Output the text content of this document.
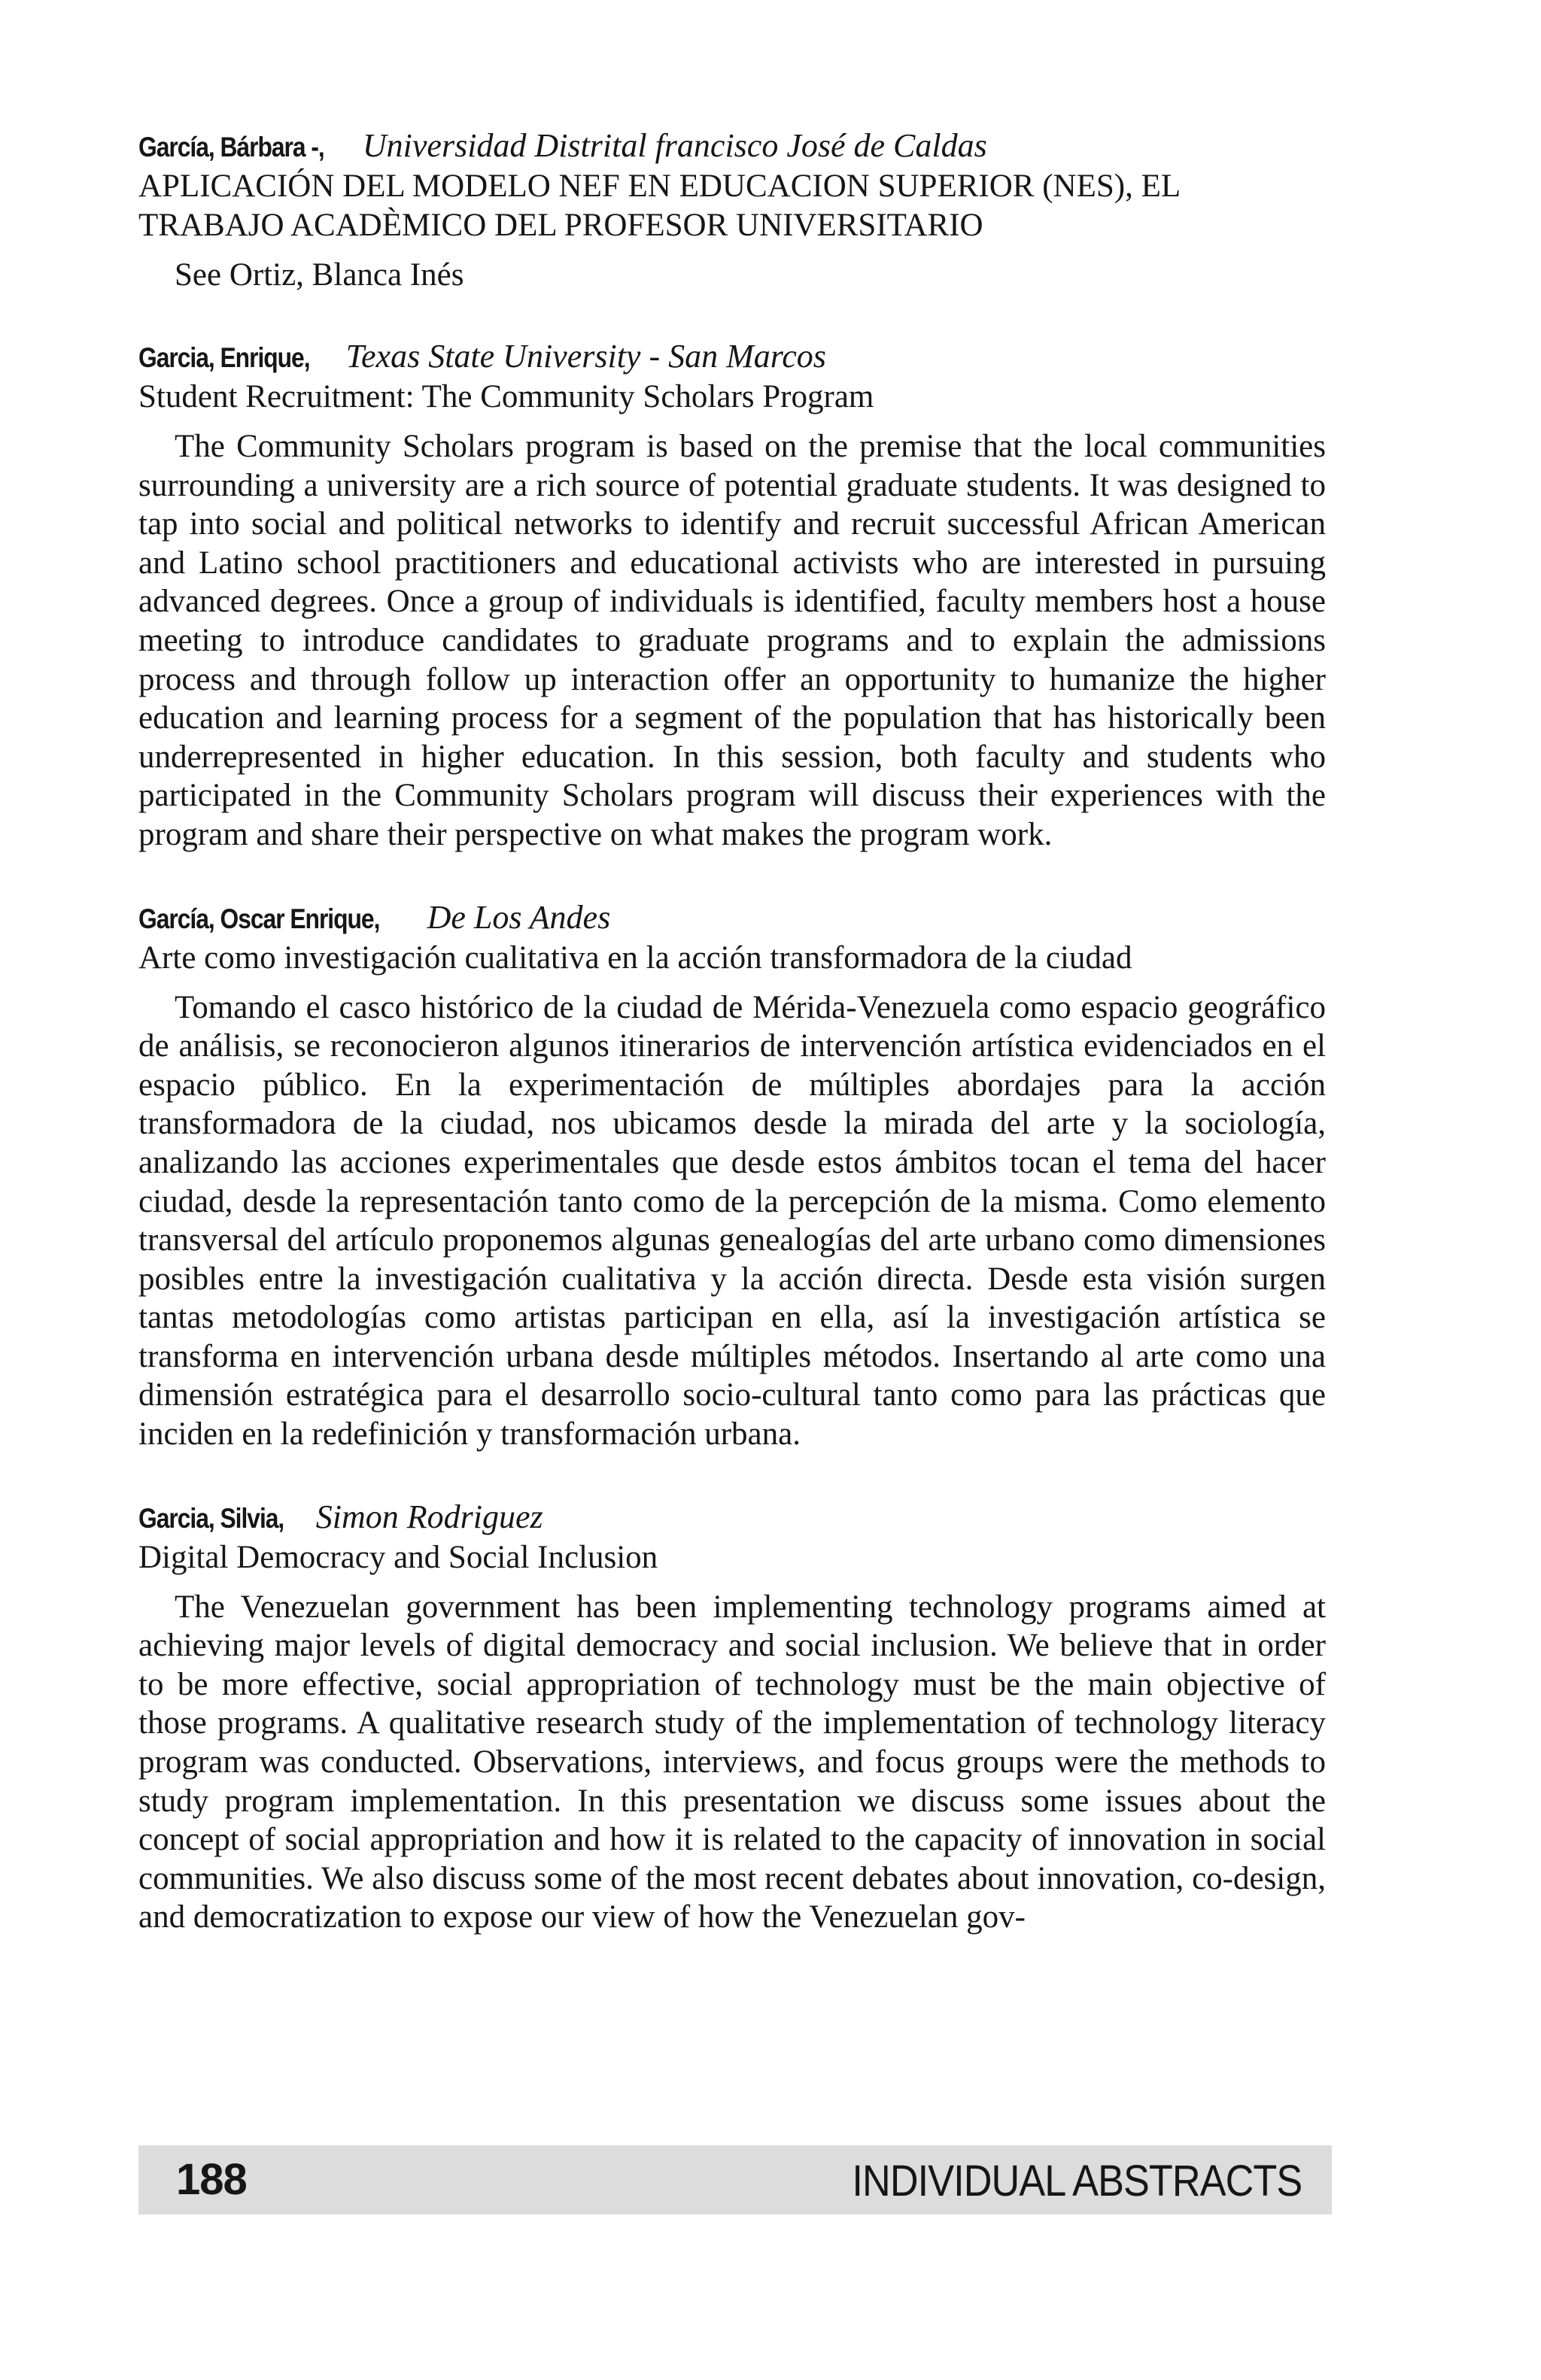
García, Bárbara -, Universidad Distrital francisco José de Caldas
APLICACIÓN DEL MODELO NEF EN EDUCACION SUPERIOR (NES), EL TRABAJO ACADÈMICO DEL PROFESOR UNIVERSITARIO
See Ortiz, Blanca Inés
Garcia, Enrique, Texas State University - San Marcos
Student Recruitment: The Community Scholars Program
The Community Scholars program is based on the premise that the local communities surrounding a university are a rich source of potential graduate students. It was designed to tap into social and political networks to identify and recruit successful African American and Latino school practitioners and educational activists who are interested in pursuing advanced degrees. Once a group of individuals is identified, faculty members host a house meeting to introduce candidates to graduate programs and to explain the admissions process and through follow up interaction offer an opportunity to humanize the higher education and learning process for a segment of the population that has historically been underrepresented in higher education. In this session, both faculty and students who participated in the Community Scholars program will discuss their experiences with the program and share their perspective on what makes the program work.
García, Oscar Enrique, De Los Andes
Arte como investigación cualitativa en la acción transformadora de la ciudad
Tomando el casco histórico de la ciudad de Mérida-Venezuela como espacio geográfico de análisis, se reconocieron algunos itinerarios de intervención artística evidenciados en el espacio público. En la experimentación de múltiples abordajes para la acción transformadora de la ciudad, nos ubicamos desde la mirada del arte y la sociología, analizando las acciones experimentales que desde estos ámbitos tocan el tema del hacer ciudad, desde la representación tanto como de la percepción de la misma. Como elemento transversal del artículo proponemos algunas genealogías del arte urbano como dimensiones posibles entre la investigación cualitativa y la acción directa. Desde esta visión surgen tantas metodologías como artistas participan en ella, así la investigación artística se transforma en intervención urbana desde múltiples métodos. Insertando al arte como una dimensión estratégica para el desarrollo socio-cultural tanto como para las prácticas que inciden en la redefinición y transformación urbana.
Garcia, Silvia, Simon Rodriguez
Digital Democracy and Social Inclusion
The Venezuelan government has been implementing technology programs aimed at achieving major levels of digital democracy and social inclusion. We believe that in order to be more effective, social appropriation of technology must be the main objective of those programs. A qualitative research study of the implementation of technology literacy program was conducted. Observations, interviews, and focus groups were the methods to study program implementation. In this presentation we discuss some issues about the concept of social appropriation and how it is related to the capacity of innovation in social communities. We also discuss some of the most recent debates about innovation, co-design, and democratization to expose our view of how the Venezuelan gov-
188	INDIVIDUAL ABSTRACTS
